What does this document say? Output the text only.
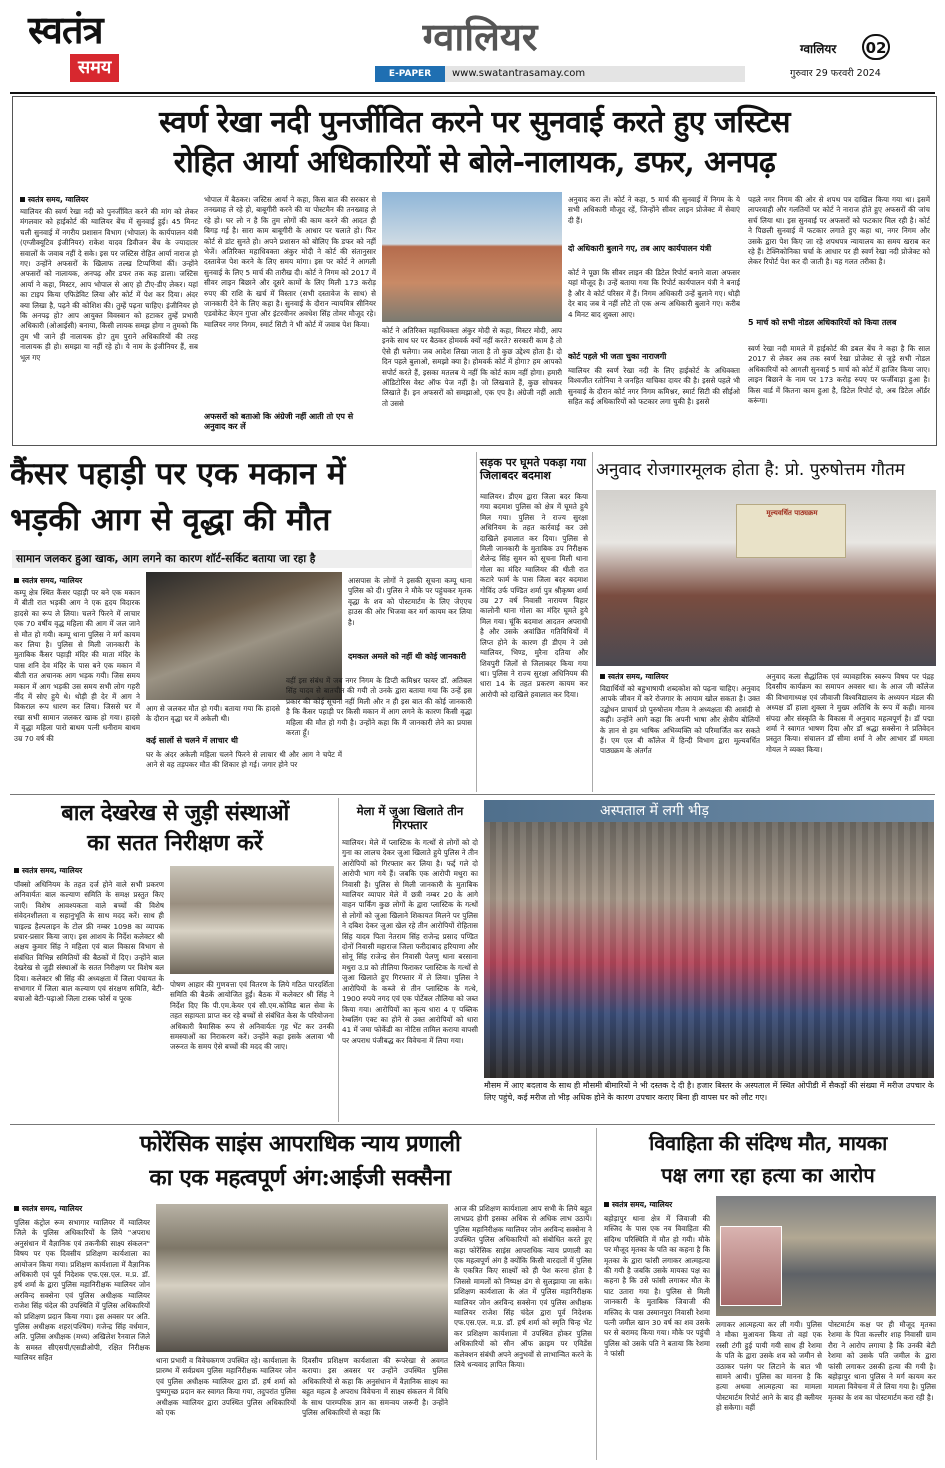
स्वतंत्र
समय
ग्वालियर
E-PAPER	www.swatantrasamay.com
ग्वालियर 02
गुरुवार 29 फरवरी 2024
स्वर्ण रेखा नदी पुनर्जीवित करने पर सुनवाई करते हुए जस्टिस
रोहित आर्या अधिकारियों से बोले-नालायक, डफर, अनपढ़
स्वतंत्र समय, ग्वालियर
ग्वालियर की स्वर्ण रेखा नदी को पुनर्जीवित करने की मांग को लेकर मंगलवार को हाईकोर्ट की ग्वालियर बेंच में सुनवाई हुई। 45 मिनट चली सुनवाई में नगरीय प्रशासन विभाग (भोपाल) के कार्यपालन यंत्री (एग्जीक्यूटिव इंजीनियर) राकेश यादव डिवीजन बेंच के ज्यादातर सवालों के जवाब नहीं दे सके। इस पर जस्टिस रोहित आर्या नाराज हो गए। उन्होंने अफसरों के खिलाफ तल्ख टिप्पणियां कीं। उन्होंने अफसरों को नालायक, अनपढ़ और डफर तक कह डाला। जस्टिस आर्या ने कहा, मिस्टर, आप भोपाल से आए हो टीए-डीए लेकर। यहां का टाइप किया एफिडेविट लिया और कोर्ट में पेश कर दिया। अंदर क्या लिखा है, पढ़ने की कोशिश की। तुम्हें पढ़ना चाहिए। इंजीनियर हो कि अनपढ़ हो? आप आयुक्त विवस्वान को हटाकर तुम्हें प्रभारी अधिकारी (ओआईसी) बनाया, किसी लायक समझ होगा न तुमको कि तुम भी जाने ही नालायक हो? तुम पुराने अधिकारियों की तरह नालायक ही हो। समझा या नहीं रहे हो। ये नाम के इंजीनियर हैं, सब भूल गए
भोपाल में बैठकर। जस्टिस आर्या ने कहा, किस बात की सरकार से तनख्वाह ले रहे हो, बाबूगीरी करने की या पोस्टमैन की तनख्वाह ले रहे हो। घर लो न है कि तुम लोगों की काम करने की आदत ही बिगड़ गई है। सारा काम बाबूगीरी के आधार पर चलाते हो। फिर कोर्ट से डांट सुनते हो। अपने प्रशासन को बोलिए कि डफर को नहीं भेजें। अतिरिक्त महाधिवक्ता अंकुर मोदी ने कोर्ट की संतानुसार दस्तावेज पेश करने के लिए समय मांगा। इस पर कोर्ट ने आगली सुनवाई के लिए 5 मार्च की तारीख दी। कोर्ट ने निगम को 2017 में सीवर लाइन बिछाने और दूसरे कामों के लिए मिली 173 करोड़ रुपए की राशि के खर्च में विस्तार (सभी दस्तावेज के साथ) से जानकारी देने के लिए कहा है। सुनवाई के दौरान न्यायमित्र सीनियर एडवोकेट केएन गुप्ता और इंटरवीनर अवधेश सिंह तोमर मौजूद रहे। ग्वालियर नगर निगम, स्मार्ट सिटी ने भी कोर्ट में जवाब पेश किया।
अफसरों को बताओ कि अंग्रेजी नहीं आती तो एप से अनुवाद कर लें
कोर्ट ने अतिरिक्त महाधिवक्ता अंकुर मोदी से कहा, मिस्टर मोदी, आप इनके साथ घर पर बैठकर होमवर्क क्यों नहीं करते? सरकारी काम है तो ऐसे ही चलेगा। जब आदेश लिखा जाता है तो कुछ उद्देश्य होता है। दो दिन पहले बुलाओ, समझो क्या है। होमवर्क कोर्ट में होगा? हम आपको सपोर्ट करते हैं, इसका मतलब ये नहीं कि कोर्ट काम नहीं होगा। हमारी ऑडिटोरिस वेस्ट ऑफ पेज नहीं है। जो लिखवाते हैं, कुछ सोचकर लिखाते हैं। इन अफसरों को समझाओ, एक एप है। अंग्रेजी नहीं आती तो उससे
अनुवाद करा लें। कोर्ट ने कहा, 5 मार्च की सुनवाई में निगम के ये सभी अधिकारी मौजूद रहें, जिन्होंने सीवर लाइन प्रोजेक्ट में सेवाएं दी हैं।
दो अधिकारी बुलाने गए, तब आए कार्यपालन यंत्री
कोर्ट ने पूछा कि सीवर लाइन की डिटेल रिपोर्ट बनाने वाला अफसर यहां मौजूद है। उन्हें बताया गया कि रिपोर्ट कार्यपालन यंत्री ने बनाई है और वे कोर्ट परिसर में हैं। निगम अधिकारी उन्हें बुलाने गए। थोड़ी देर बाद जब वे नहीं लौटे तो एक अन्य अधिकारी बुलाने गए। करीब 4 मिनट बाद शुक्ला आए।
कोर्ट पहले भी जता चुका नाराजगी
ग्वालियर की स्वर्ण रेखा नदी के लिए हाईकोर्ट के अधिवक्ता विश्वजीत रतोनिया ने जनहित याचिका दायर की है। इससे पहले भी सुनवाई के दौरान कोर्ट नगर निगम कमिश्नर, स्मार्ट सिटी की सीईओ सहित कई अधिकारियों को फटकार लगा चुकी है। इससे
पहले नगर निगम की ओर से शपथ पत्र दाखिल किया गया था। इसमें लापरवाही और गलतियों पर कोर्ट ने नाराज होते हुए अफसरों की जांच सर्च लिया था। इस सुनवाई पर अफसरों को फटकार मिल रही है। कोर्ट ने पिछली सुनवाई में फटकार लगाते हुए कहा था, नगर निगम और उसके द्वारा पेश किए जा रहे शपथपत्र न्यायालय का समय खराब कर रहे हैं। टेक्निकोनिका चर्चा के आधार पर ही स्वर्ण रेखा नदी प्रोजेक्ट को लेकर रिपोर्ट पेश कर दी जाती है। यह गलत तरीका है।
5 मार्च को सभी नोडल अधिकारियों को किया तलब
स्वर्ण रेखा नदी मामले में हाईकोर्ट की डबल बेंच ने कहा है कि साल 2017 से लेकर अब तक स्वर्ण रेखा प्रोजेक्ट से जुड़े सभी नोडल अधिकारियों को आगली सुनवाई 5 मार्च को कोर्ट में हाजिर किया जाए। लाइन बिछाने के नाम पर 173 करोड़ रुपए पर फर्जीवाड़ा हुआ है। किस वार्ड में कितना काम हुआ है, डिटेल रिपोर्ट दो, अब डिटेल ऑर्डर करूंगा।
कैंसर पहाड़ी पर एक मकान में
भड़की आग से वृद्धा की मौत
सामान जलकर हुआ खाक, आग लगने का कारण शॉर्ट-सर्किट बताया जा रहा है
स्वतंत्र समय, ग्वालियर
कम्पू क्षेत्र स्थित कैंसर पहाड़ी पर बने एक मकान में बीती रात भड़की आग ने एक हृदय विदारक हादसे का रूप ले लिया। चलने फिरने में लाचार एक 70 वर्षीय वृद्ध महिला की आग में जल जाने से मौत हो गयी। कम्पू थाना पुलिस ने मर्ग कायम कर लिया है। पुलिस से मिली जानकारी के मुताबिक कैंसर पहाड़ी मंदिर की माता मंदिर के पास शनि देव मंदिर के पास बने एक मकान में बीती रात अचानक आग भड़क गयी। जिस समय मकान में आग भड़की उस समय सभी लोग गहरी नींद में सोए हुये थे। थोड़ी ही देर में आग ने विकराल रूप धारण कर लिया। जिससे घर में रखा सभी सामान जलकर खाक हो गया। हादसे में वृद्धा महिला पारो बाथम पत्नी धनीराम बाथम उम्र 70 वर्ष की
आग से जलकर मौत हो गयी। बताया गया कि हादसे के दौरान वृद्धा घर में अकेली थी।
कई सालों से चलने में लाचार थी
घर के अंदर अकेली महिला चलने फिरने से लाचार थी और आग ने चपेट में आने से वह तड़पकर मौत की शिकार हो गई। जगार होने पर
आसपास के लोगों ने इसकी सूचना कम्पू थाना पुलिस को दी। पुलिस ने मौके पर पहुंचकर मृतक वृद्धा के शव को पोस्टमार्टम के लिए जेएएच हाउस की ओर भिजवा कर मर्ग कायम कर लिया है।
दमकल अमले को नहीं थी कोई जानकारी
वहीं इस संबंध में जब नगर निगम के डिप्टी कमिश्नर फायर डॉ. अतिबल सिंह यादव से बातचीत की गयी तो उनके द्वारा बताया गया कि उन्हें इस प्रकार की कोई सूचना नहीं मिली और न ही इस बात की कोई जानकारी है कि कैंसर पहाड़ी पर किसी मकान में आग लगने के कारण किसी वृद्धा महिला की मौत हो गयी है। उन्होंने कहा कि मैं जानकारी लेने का प्रयास करता हूँ।
सड़क पर घूमते पकड़ा गया जिलाबदर बदमाश
ग्वालियर। डीएम द्वारा जिला बदर किया गया बदमाश पुलिस को क्षेत्र में घूमते हुये मिल गया। पुलिस ने राज्य सुरक्षा अधिनियम के तहत कार्रवाई कर उसे दाखिले हवालात कर दिया। पुलिस से मिली जानकारी के मुताबिक उप निरीक्षक शैलेन्द्र सिंह सुमन को सूचना मिली थाना गोला का मंदिर ग्वालियर की थीती रात कटारे फार्म के पास जिला बदर बदमाश गोविंद उर्फ पण्डित शर्मा पुत्र श्रीकृष्ण शर्मा उम्र 27 वर्ष निवासी नारायण विहार कालोनी थाना गोला का मंदिर घूमते हुये मिल गया। चूंकि बदमाश आदतन अपराधी है और उसके अवांछित गतिविधियों में लिप्त होने के कारण ही डीएम ने उसे ग्वालियर, भिण्ड, मुरैना दतिया और शिवपुरी जिलों से जिलाबदर किया गया था। पुलिस ने राज्य सुरक्षा अधिनियम की धारा 14 के तहत प्रकरण कायम कर आरोपी को दाखिले हवालात कर दिया।
अनुवाद रोजगारमूलक होता है: प्रो. पुरुषोत्तम गौतम
मूल्यवर्धित पाठ्यक्रम
स्वतंत्र समय, ग्वालियर
विद्यार्थियों को बहुभाषायी शब्दकोश को पढ़ना चाहिए। अनुवाद आपके जीवन में करे रोजगार के आयाम खोल सकता है। उक्त उद्बोधन प्राचार्य प्रो पुरुषोत्तम गौतम ने अध्यक्षता की आसंदी से कही। उन्होंने आगे कहा कि अपनी भाषा और क्षेत्रीय बोलियों के ज्ञान से हम भाषिक अभिव्यक्ति को परिमार्जित कर सकते हैं। एम एल बी कॉलेज में हिन्दी विभाग द्वारा मूल्यवर्धित पाठ्यक्रम के अंतर्गत
अनुवाद कला सैद्धांतिक एवं व्यावहारिक स्वरूप विषय पर पंद्रह दिवसीय कार्यक्रम का समापन अवसर था। के आज जी कॉलेज की विभागाध्यक्ष एवं जीवाजी विश्वविद्यालय के अध्ययन मंडल की अध्यक्ष डॉ हाला शुक्ला ने मुख्य अतिथि के रूप में कही। मानव संपदा और संस्कृति के विकास में अनुवाद महत्वपूर्ण है। डॉ पद्मा शर्मा ने स्वागत भाषण दिया और डॉ श्रद्धा सक्सेना ने प्रतिवेदन प्रस्तुत किया। संचालन डॉ सीमा शर्मा ने और आभार डॉ ममता गोयल ने व्यक्त किया।
बाल देखरेख से जुड़ी संस्थाओं
का सतत निरीक्षण करें
स्वतंत्र समय, ग्वालियर
पॉक्सो अधिनियम के तहत दर्ज होने वाले सभी प्रकरण अनिवार्यतः बाल कल्याण समिति के समक्ष प्रस्तुत किए जाएँ। विशेष आवश्यकता वाले बच्चों की विशेष संवेदनशीलता व सहानुभूति के साथ मदद करें। साथ ही चाइल्ड हैल्पलाइन के टोल फ्री नम्बर 1098 का व्यापक प्रचार-प्रसार किया जाए। इस आशय के निर्देश कलेक्टर श्री अक्षय कुमार सिंह ने महिला एवं बाल विकास विभाग से संबंधित विभिन्न समितियों की बैठकों में दिए। उन्होंने बाल देखरेख से जुड़ी संस्थाओं के सतत निरीक्षण पर विशेष बल दिया। कलेक्टर श्री सिंह की अध्यक्षता में जिला पंचायत के सभागार में जिला बाल कल्याण एवं संरक्षण समिति, बेटी-बचाओ बेटी-पढ़ाओ जिला टास्क फोर्स व पूरक
पोषण आहार की गुणवत्ता एवं वितरण के लिये गठित पारदर्शिता समिति की बैठकें आयोजित हुईं। बैठक में कलेक्टर श्री सिंह ने निर्देश दिए कि पी.एम.केयर एवं सी.एम.कोविड बाल सेवा के तहत सहायता प्राप्त कर रहे बच्चों से संबंधित केस के परियोजना अधिकारी त्रैमासिक रूप से अनिवार्यतः गृह भेंट कर उनकी समस्याओं का निराकरण करें। उन्होंने कहा इसके अलावा भी जरूरत के समय ऐसे बच्चों की मदद की जाए।
मेला में जुआ खिलाते तीन गिरफ्तार
ग्वालियर। मेले में प्लास्टिक के गत्थों से लोगों को दो गुना का लालच देकर जुआ खिलाते हुये पुलिस ने तीन आरोपियों को गिरफ्तार कर लिया है। फर्द्द गले दो आरोपी भाग गये हैं। जबकि एक आरोपी मथुरा का निवासी है। पुलिस से मिली जानकारी के मुताबिक ग्वालियर व्यापार मेले में छत्री नम्बर 20 के आगे वाहन पार्किंग कुछ लोगों के द्वारा प्लास्टिक के गत्थों से लोगों को जुआ खिलाने शिकायत मिलने पर पुलिस ने दबिश देकर जुआ खेल रहे तीन आरोपियों रोहितास सिंह यादव पिता नेतराम सिंह राजेन्द्र प्रसाद पण्डित दोनों निवासी महाराज जिला फरीदाबाद हरियाणा और सोनू सिंह राजेन्द्र सेन निवासी पेलणु थाना बरसाना मथुरा उ.प्र को तीलिया फिराकर प्लास्टिक के गत्थों से जुआ खिलाते हुए गिरफ्तार में ले लिया। पुलिस ने आरोपियों के कब्जे से तीन प्लास्टिक के गत्थे, 1900 रुपये नगद एवं एक पोर्टेबल तौलिया को जब्त किया गया। आरोपियों का कृत्य धारा 4 ए पब्लिक रेम्बलिंग एक्ट का होने से उक्त आरोपियों को धारा 41 में जमा फोर्केडी का नोटिस तामिल कराया वापसी पर अपराध पंजीबद्ध कर विवेचना में लिया गया।
अस्पताल में लगी भीड़
मौसम में आए बदलाव के साथ ही मौसमी बीमारियों ने भी दस्तक दे दी है। हजार बिस्तर के अस्पताल में स्थित ओपीडी में सैकड़ों की संख्या में मरीज उपचार के लिए पहुंचे, कई मरीज तो भीड़ अधिक होने के कारण उपचार कराए बिना ही वापस घर को लौट गए।
फोरेंसिक साइंस आपराधिक न्याय प्रणाली
का एक महत्वपूर्ण अंग:आईजी सक्सैना
स्वतंत्र समय, ग्वालियर
पुलिस कंट्रोल रूम सभागार ग्वालियर में ग्वालियर जिले के पुलिस अधिकारियों के लिये "अपराध अनुसंधान में वैज्ञानिक एवं तकनीकी साक्ष्य संकलन" विषय पर एक दिवसीय प्रशिक्षण कार्यशाला का आयोजन किया गया। प्रशिक्षण कार्यशाला में वैज्ञानिक अधिकारी एवं पूर्व निदेशक एफ.एस.एल. म.प्र. डॉ. हर्ष शर्मा के द्वारा पुलिस महानिरीक्षक ग्वालियर जोन अरविन्द सक्सेना एवं पुलिस अधीक्षक ग्वालियर राजेश सिंह चंदेल की उपस्थिति में पुलिस अधिकारियों को प्रशिक्षण प्रदान किया गया। इस अवसर पर अति. पुलिस अधीक्षक शहर(पश्चिम) गजेन्द्र सिंह वर्धमान, अति. पुलिस अधीक्षक (मध्य) अखिलेश रैनवाल जिले के समस्त सीएसपी/एसडीओपी, रक्षित निरीक्षक ग्वालियर सहित	थाना प्रभारी व विवेचकगण उपस्थित रहे। कार्यशाला के प्रारम्भ में सर्वप्रथम पुलिस महानिरीक्षक ग्वालियर जोन एवं पुलिस अधीक्षक ग्वालियर द्वारा डॉ. हर्ष शर्मा को पुष्पगुच्छ प्रदान कर स्वागत किया गया, तदुपरांत पुलिस अधीक्षक ग्वालियर द्वारा उपस्थित पुलिस अधिकारियों को एक
दिवसीय प्रशिक्षण कार्यशाला की रूपरेखा से अवगत कराया। इस अवसर पर उन्होंने उपस्थित पुलिस अधिकारियों से कहा कि अनुसंधान में वैज्ञानिक साक्ष्य का बहुत महत्व है अपराध विवेचना में साक्ष्य संकलन में विधि के साथ पारम्परिक ज्ञान का समन्वय जरूरी है। उन्होंने पुलिस अधिकारियों से कहा कि
आज की प्रशिक्षण कार्यशाला आप सभी के लिये बहुत लाभप्रद होगी इसका अधिक से अधिक लाभ उठायें। पुलिस महानिरीक्षक ग्वालियर जोन अरविन्द सक्सेना ने उपस्थित पुलिस अधिकारियों को संबोधित करते हुए कहा फोरेंसिक साइंस आपराधिक न्याय प्रणाली का एक महत्वपूर्ण अंग है क्योंकि किसी वारदातों में पुलिस के एकत्रित किए साक्ष्यों को ही पेश करना होता है जिससे मामलों को निष्पक्ष ढंग से सुलझाया जा सके। प्रशिक्षण कार्यशाला के अंत में पुलिस महानिरीक्षक ग्वालियर जोन अरविन्द सक्सेना एवं पुलिस अधीक्षक ग्वालियर राजेश सिंह चंदेल द्वारा पूर्व निदेशक एफ.एस.एल. म.प्र. डॉ. हर्ष शर्मा को स्मृति चिन्ह भेंट कर प्रशिक्षण कार्यशाला में उपस्थित होकर पुलिस अधिकारियों को सीन ऑफ क्राइम पर एविडेंस कलेक्शन संबंधी अपने अनुभवों से लाभान्वित करने के लिये धन्यवाद ज्ञापित किया।
विवाहिता की संदिग्ध मौत, मायका
पक्ष लगा रहा हत्या का आरोप
स्वतंत्र समय, ग्वालियर
बहोड़ापुर थाना क्षेत्र में जिवाजी की मस्जिद के पास एक नव विवाहिता की संदिग्ध परिस्थिति में मौत हो गयी। मौके पर मौजूद मृतका के पति का कहना है कि मृतका के द्वारा फांसी लगाकर आत्महत्या की गयी है जबकि उसके मायका पक्ष का कहना है कि उसे फांसी लगाकर मौत के घाट उतारा गया है। पुलिस से मिली जानकारी के मुताबिक जिवाजी की मस्जिद के पास उस्मानपुरा निवासी रेशमा पत्नी जमील खान 30 वर्ष का शव उसके घर से बरामद किया गया। मौके पर पहुंची पुलिस को उसके पति ने बताया कि रेशमा ने फांसी
लगाकर आत्महत्या कर ली गयी। पुलिस ने मौका मुआयना किया तो वहां एक रस्सी टंगी हुई पायी गयी साथ ही रेशमा के पति के द्वारा उसके शव को जमीन से उठाकर पलंग पर लिटाने के बात भी सामने आयी। पुलिस का मानना है कि हत्या अथवा आत्महत्या का मामला पोस्टमार्टम रिपोर्ट आने के बाद ही क्लीयर हो सकेगा। वहीं
पोस्टमार्टम कक्ष पर ही मौजूद मृतका रेशमा के पिता कल्लीर शाह निवासी ग्राम रौरा ने आरोप लगाया है कि उनकी बेटी रेशमा को उसके पति जमील के द्वारा फांसी लगाकर उसकी हत्या की गयी है। बहोड़ापुर थाना पुलिस ने मर्ग कायम कर मामला विवेचना में ले लिया गया है। पुलिस मृतका के शव का पोस्टमार्टम करा रही है।
